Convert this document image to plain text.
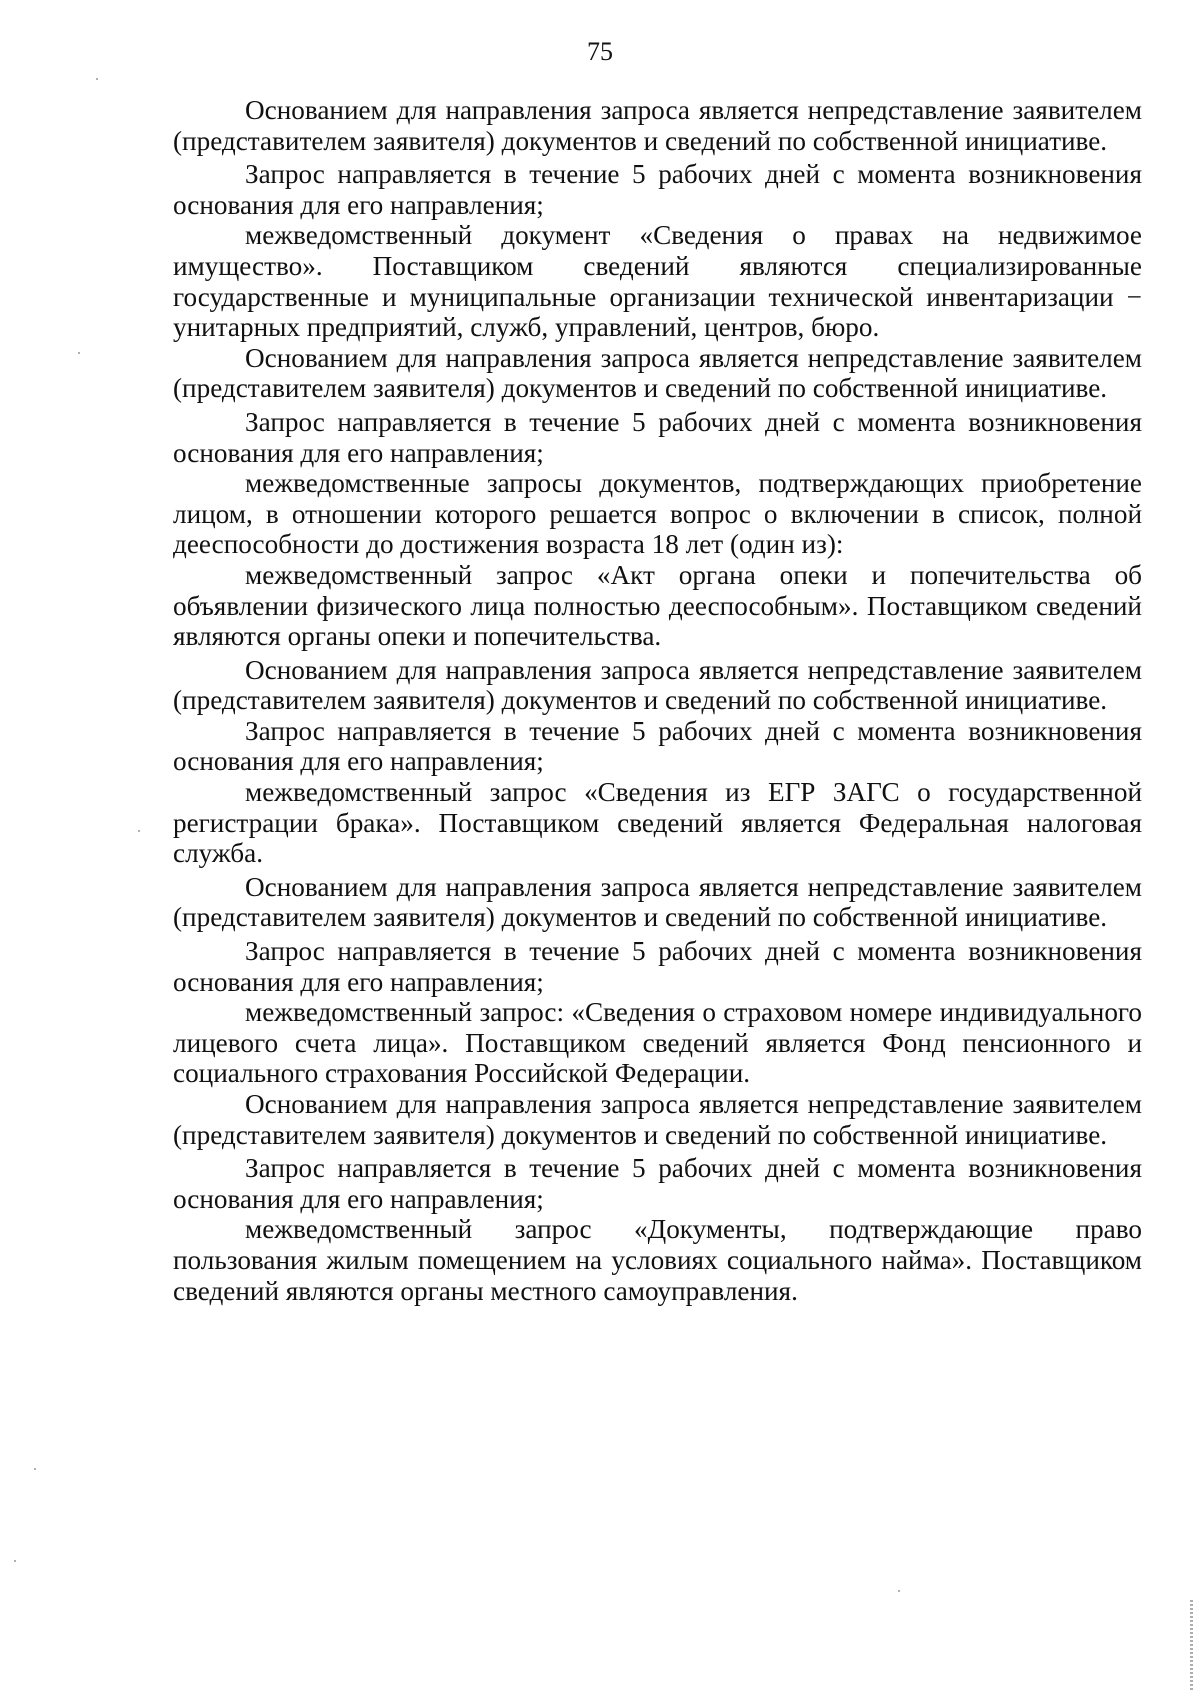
75

Основанием для направления запроса является непредставление заявителем (представителем заявителя) документов и сведений по собственной инициативе.

Запрос направляется в течение 5 рабочих дней с момента возникновения основания для его направления;

межведомственный документ «Сведения о правах на недвижимое имущество». Поставщиком сведений являются специализированные государственные и муниципальные организации технической инвентаризации − унитарных предприятий, служб, управлений, центров, бюро.

Основанием для направления запроса является непредставление заявителем (представителем заявителя) документов и сведений по собственной инициативе.

Запрос направляется в течение 5 рабочих дней с момента возникновения основания для его направления;

межведомственные запросы документов, подтверждающих приобретение лицом, в отношении которого решается вопрос о включении в список, полной дееспособности до достижения возраста 18 лет (один из):

межведомственный запрос «Акт органа опеки и попечительства об объявлении физического лица полностью дееспособным». Поставщиком сведений являются органы опеки и попечительства.

Основанием для направления запроса является непредставление заявителем (представителем заявителя) документов и сведений по собственной инициативе.

Запрос направляется в течение 5 рабочих дней с момента возникновения основания для его направления;

межведомственный запрос «Сведения из ЕГР ЗАГС о государственной регистрации брака». Поставщиком сведений является Федеральная налоговая служба.

Основанием для направления запроса является непредставление заявителем (представителем заявителя) документов и сведений по собственной инициативе.

Запрос направляется в течение 5 рабочих дней с момента возникновения основания для его направления;

межведомственный запрос: «Сведения о страховом номере индивидуального лицевого счета лица». Поставщиком сведений является Фонд пенсионного и социального страхования Российской Федерации.

Основанием для направления запроса является непредставление заявителем (представителем заявителя) документов и сведений по собственной инициативе.

Запрос направляется в течение 5 рабочих дней с момента возникновения основания для его направления;

межведомственный запрос «Документы, подтверждающие право пользования жилым помещением на условиях социального найма». Поставщиком сведений являются органы местного самоуправления.
